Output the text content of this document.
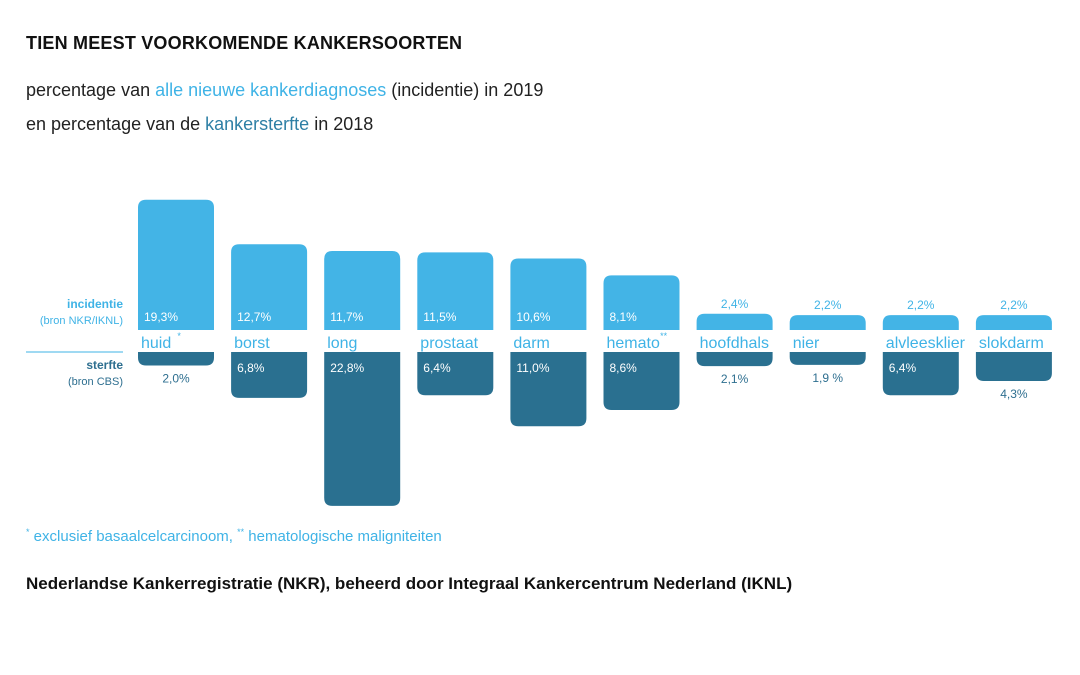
TIEN MEEST VOORKOMENDE KANKERSOORTEN
percentage van alle nieuwe kankerdiagnoses (incidentie) in 2019
en percentage van de kankersterfte in 2018
incidentie
(bron NKR/IKNL)
sterfte
(bron CBS)
19,3%
2,0%
huid *
12,7%
6,8%
borst
11,7%
22,8%
long
11,5%
6,4%
prostaat
10,6%
11,0%
darm
8,1%
8,6%
hemato **
2,4%
2,1%
hoofdhals
2,2%
1,9 %
nier
2,2%
6,4%
alvleesklier
2,2%
4,3%
slokdarm
* exclusief basaalcelcarcinoom, ** hematologische maligniteiten
Nederlandse Kankerregistratie (NKR), beheerd door Integraal Kankercentrum Nederland (IKNL)
